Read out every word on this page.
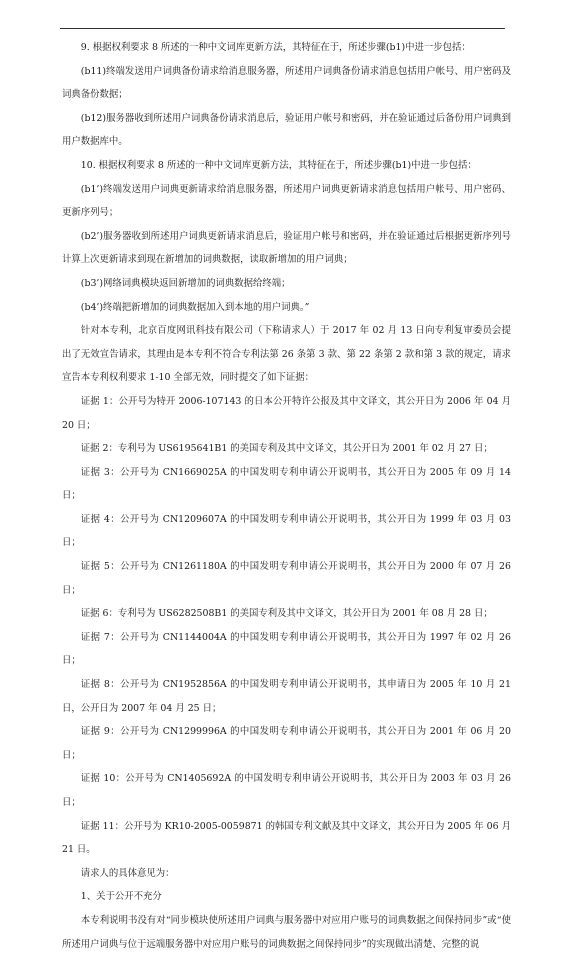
9. 根据权利要求 8 所述的一种中文词库更新方法，其特征在于，所述步骤(b1)中进一步包括：

(b11)终端发送用户词典备份请求给消息服务器，所述用户词典备份请求消息包括用户帐号、用户密码及词典备份数据；

(b12)服务器收到所述用户词典备份请求消息后，验证用户帐号和密码，并在验证通过后备份用户词典到用户数据库中。

10. 根据权利要求 8 所述的一种中文词库更新方法，其特征在于，所述步骤(b1)中进一步包括：

(b1’)终端发送用户词典更新请求给消息服务器，所述用户词典更新请求消息包括用户帐号、用户密码、更新序列号；

(b2’)服务器收到所述用户词典更新请求消息后，验证用户帐号和密码，并在验证通过后根据更新序列号计算上次更新请求到现在新增加的词典数据，读取新增加的用户词典；

(b3’)网络词典模块返回新增加的词典数据给终端；

(b4’)终端把新增加的词典数据加入到本地的用户词典。”

针对本专利，北京百度网讯科技有限公司（下称请求人）于 2017 年 02 月 13 日向专利复审委员会提出了无效宣告请求，其理由是本专利不符合专利法第 26 条第 3 款、第 22 条第 2 款和第 3 款的规定，请求宣告本专利权利要求 1-10 全部无效，同时提交了如下证据：

证据 1：公开号为特开 2006-107143 的日本公开特许公报及其中文译文，其公开日为 2006 年 04 月 20 日；

证据 2：专利号为 US6195641B1 的美国专利及其中文译文，其公开日为 2001 年 02 月 27 日；

证据 3：公开号为 CN1669025A 的中国发明专利申请公开说明书，其公开日为 2005 年 09 月 14 日；

证据 4：公开号为 CN1209607A 的中国发明专利申请公开说明书，其公开日为 1999 年 03 月 03 日；

证据 5：公开号为 CN1261180A 的中国发明专利申请公开说明书，其公开日为 2000 年 07 月 26 日；

证据 6：专利号为 US6282508B1 的美国专利及其中文译文，其公开日为 2001 年 08 月 28 日；

证据 7：公开号为 CN1144004A 的中国发明专利申请公开说明书，其公开日为 1997 年 02 月 26 日；

证据 8：公开号为 CN1952856A 的中国发明专利申请公开说明书，其申请日为 2005 年 10 月 21 日，公开日为 2007 年 04 月 25 日；

证据 9：公开号为 CN1299996A 的中国发明专利申请公开说明书，其公开日为 2001 年 06 月 20 日；

证据 10：公开号为 CN1405692A 的中国发明专利申请公开说明书，其公开日为 2003 年 03 月 26 日；

证据 11：公开号为 KR10-2005-0059871 的韩国专利文献及其中文译文，其公开日为 2005 年 06 月 21 日。

请求人的具体意见为：

1、关于公开不充分

本专利说明书没有对“同步模块使所述用户词典与服务器中对应用户账号的词典数据之间保持同步”或“使所述用户词典与位于远端服务器中对应用户账号的词典数据之间保持同步”的实现做出清楚、完整的说
